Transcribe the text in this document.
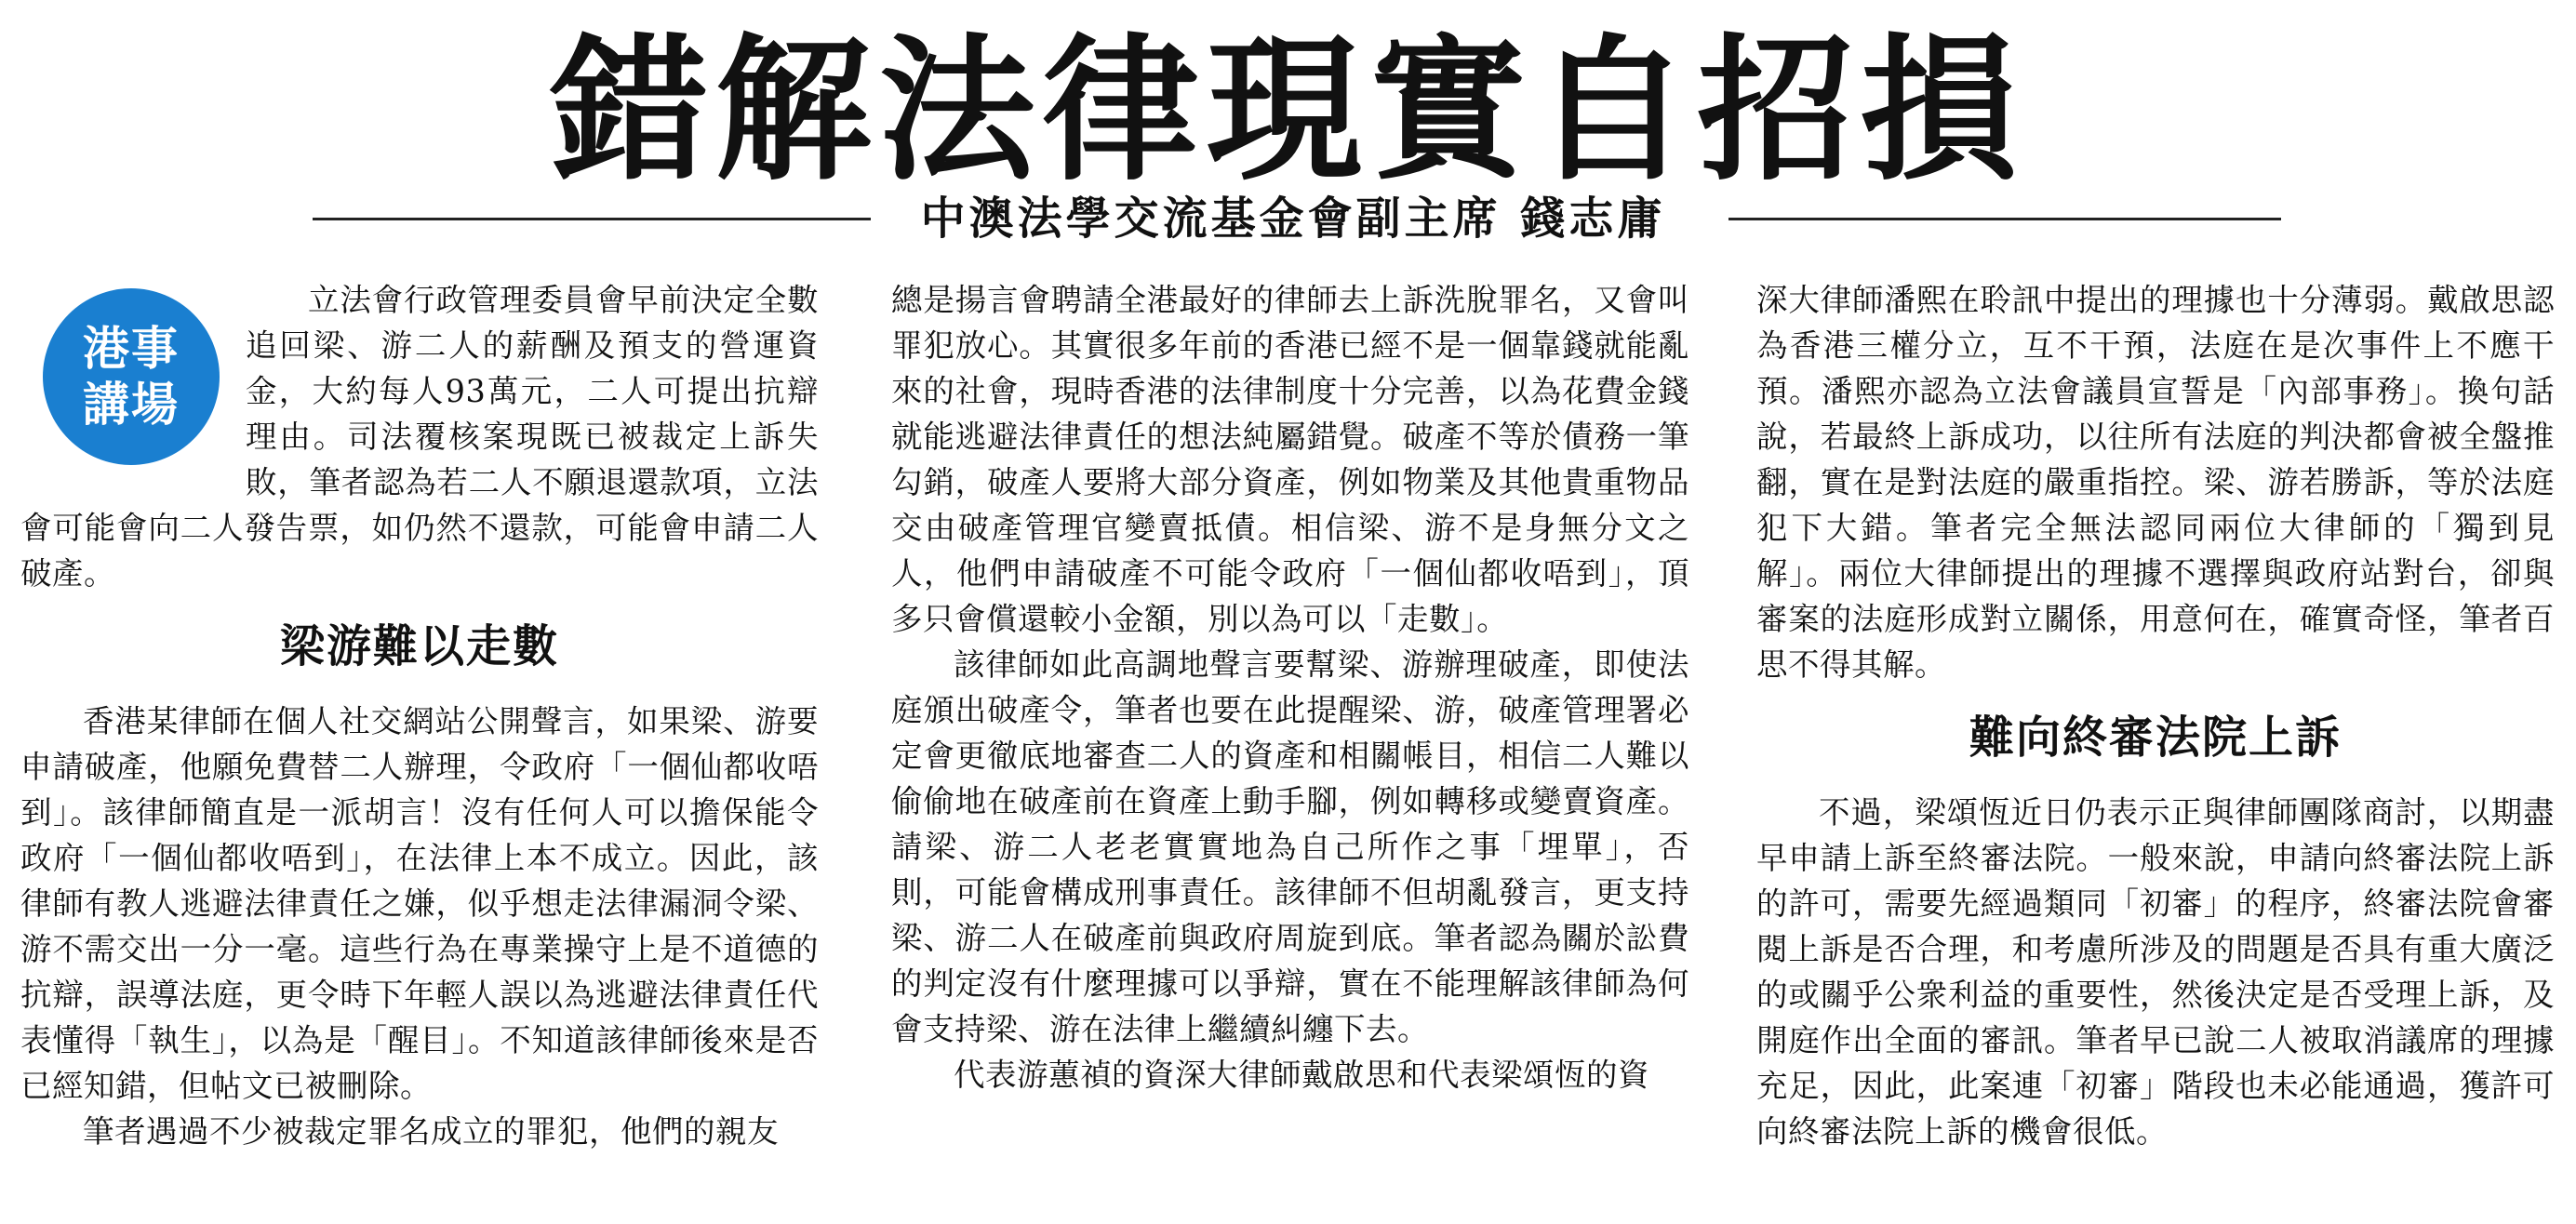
錯解法律現實自招損
中澳法學交流基金會副主席 錢志庸
港事
講場

立法會行政管理委員會早前決定全數追回梁、游二人的薪酬及預支的營運資金，大約每人93萬元，二人可提出抗辯理由。司法覆核案現既已被裁定上訴失敗，筆者認為若二人不願退還款項，立法會可能會向二人發告票，如仍然不還款，可能會申請二人破產。

梁游難以走數

香港某律師在個人社交網站公開聲言，如果梁、游要申請破產，他願免費替二人辦理，令政府「一個仙都收唔到」。該律師簡直是一派胡言！沒有任何人可以擔保能令政府「一個仙都收唔到」，在法律上本不成立。因此，該律師有教人逃避法律責任之嫌，似乎想走法律漏洞令梁、游不需交出一分一毫。這些行為在專業操守上是不道德的抗辯，誤導法庭，更令時下年輕人誤以為逃避法律責任代表懂得「執生」，以為是「醒目」。不知道該律師後來是否已經知錯，但帖文已被刪除。

筆者遇過不少被裁定罪名成立的罪犯，他們的親友

總是揚言會聘請全港最好的律師去上訴洗脫罪名，又會叫罪犯放心。其實很多年前的香港已經不是一個靠錢就能亂來的社會，現時香港的法律制度十分完善，以為花費金錢就能逃避法律責任的想法純屬錯覺。破產不等於債務一筆勾銷，破產人要將大部分資產，例如物業及其他貴重物品交由破產管理官變賣抵債。相信梁、游不是身無分文之人，他們申請破產不可能令政府「一個仙都收唔到」，頂多只會償還較小金額，別以為可以「走數」。

該律師如此高調地聲言要幫梁、游辦理破產，即使法庭頒出破產令，筆者也要在此提醒梁、游，破產管理署必定會更徹底地審查二人的資產和相關帳目，相信二人難以偷偷地在破產前在資產上動手腳，例如轉移或變賣資產。請梁、游二人老老實實地為自己所作之事「埋單」，否則，可能會構成刑事責任。該律師不但胡亂發言，更支持梁、游二人在破產前與政府周旋到底。筆者認為關於訟費的判定沒有什麼理據可以爭辯，實在不能理解該律師為何會支持梁、游在法律上繼續糾纏下去。

代表游蕙禎的資深大律師戴啟思和代表梁頌恆的資

深大律師潘熙在聆訊中提出的理據也十分薄弱。戴啟思認為香港三權分立，互不干預，法庭在是次事件上不應干預。潘熙亦認為立法會議員宣誓是「內部事務」。換句話說，若最終上訴成功，以往所有法庭的判決都會被全盤推翻，實在是對法庭的嚴重指控。梁、游若勝訴，等於法庭犯下大錯。筆者完全無法認同兩位大律師的「獨到見解」。兩位大律師提出的理據不選擇與政府站對台，卻與審案的法庭形成對立關係，用意何在，確實奇怪，筆者百思不得其解。

難向終審法院上訴

不過，梁頌恆近日仍表示正與律師團隊商討，以期盡早申請上訴至終審法院。一般來說，申請向終審法院上訴的許可，需要先經過類同「初審」的程序，終審法院會審閱上訴是否合理，和考慮所涉及的問題是否具有重大廣泛的或關乎公衆利益的重要性，然後決定是否受理上訴，及開庭作出全面的審訊。筆者早已說二人被取消議席的理據充足，因此，此案連「初審」階段也未必能通過，獲許可向終審法院上訴的機會很低。
